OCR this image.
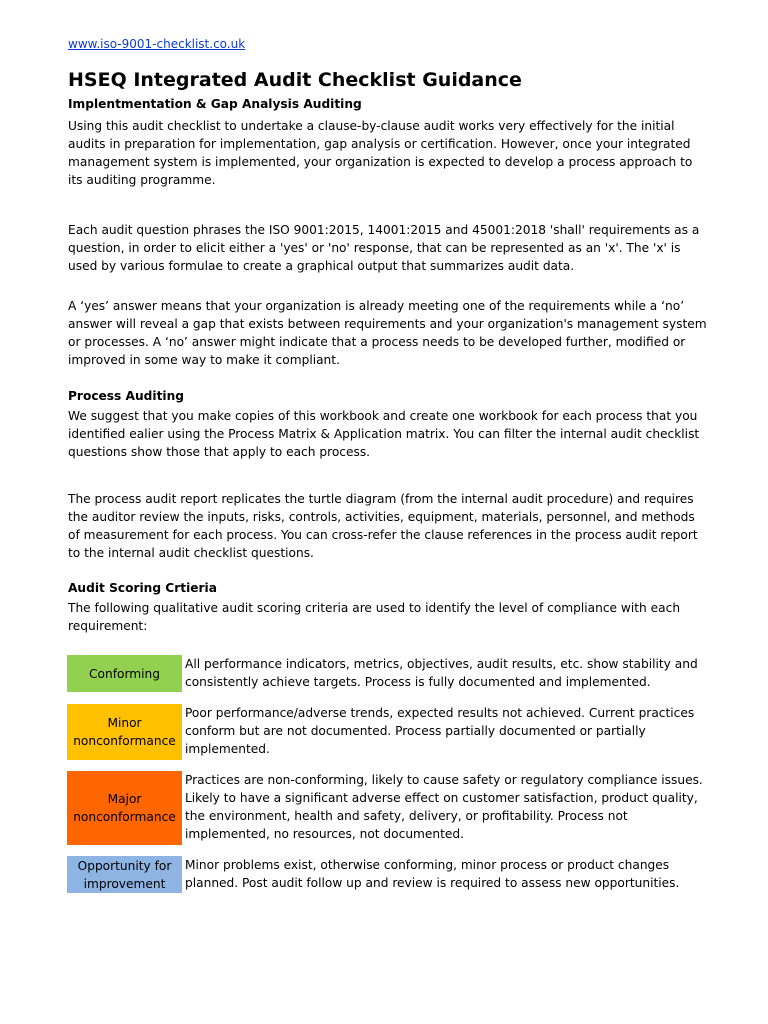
www.iso-9001-checklist.co.uk
HSEQ Integrated Audit Checklist Guidance
Implentmentation & Gap Analysis Auditing

Using this audit checklist to undertake a clause-by-clause audit works very effectively for the initial audits in preparation for implementation, gap analysis or certification. However, once your integrated management system is implemented, your organization is expected to develop a process approach to its auditing programme.

Each audit question phrases the ISO 9001:2015, 14001:2015 and 45001:2018 'shall' requirements as a question, in order to elicit either a 'yes' or 'no' response, that can be represented as an 'x'. The 'x' is used by various formulae to create a graphical output that summarizes audit data.

A ‘yes’ answer means that your organization is already meeting one of the requirements while a ‘no’ answer will reveal a gap that exists between requirements and your organization's management system or processes. A ‘no’ answer might indicate that a process needs to be developed further, modified or improved in some way to make it compliant.

Process Auditing

We suggest that you make copies of this workbook and create one workbook for each process that you identified ealier using the Process Matrix & Application matrix. You can filter the internal audit checklist questions show those that apply to each process.

The process audit report replicates the turtle diagram (from the internal audit procedure) and requires the auditor review the inputs, risks, controls, activities, equipment, materials, personnel, and methods of measurement for each process. You can cross-refer the clause references in the process audit report to the internal audit checklist questions.

Audit Scoring Crtieria

The following qualitative audit scoring criteria are used to identify the level of compliance with each requirement:

Conforming

All performance indicators, metrics, objectives, audit results, etc. show stability and consistently achieve targets. Process is fully documented and implemented.

Minor nonconformance

Poor performance/adverse trends, expected results not achieved. Current practices conform but are not documented. Process partially documented or partially implemented.

Major nonconformance

Practices are non-conforming, likely to cause safety or regulatory compliance issues. Likely to have a significant adverse effect on customer satisfaction, product quality, the environment, health and safety, delivery, or profitability. Process not implemented, no resources, not documented.

Opportunity for improvement

Minor problems exist, otherwise conforming, minor process or product changes planned. Post audit follow up and review is required to assess new opportunities.
